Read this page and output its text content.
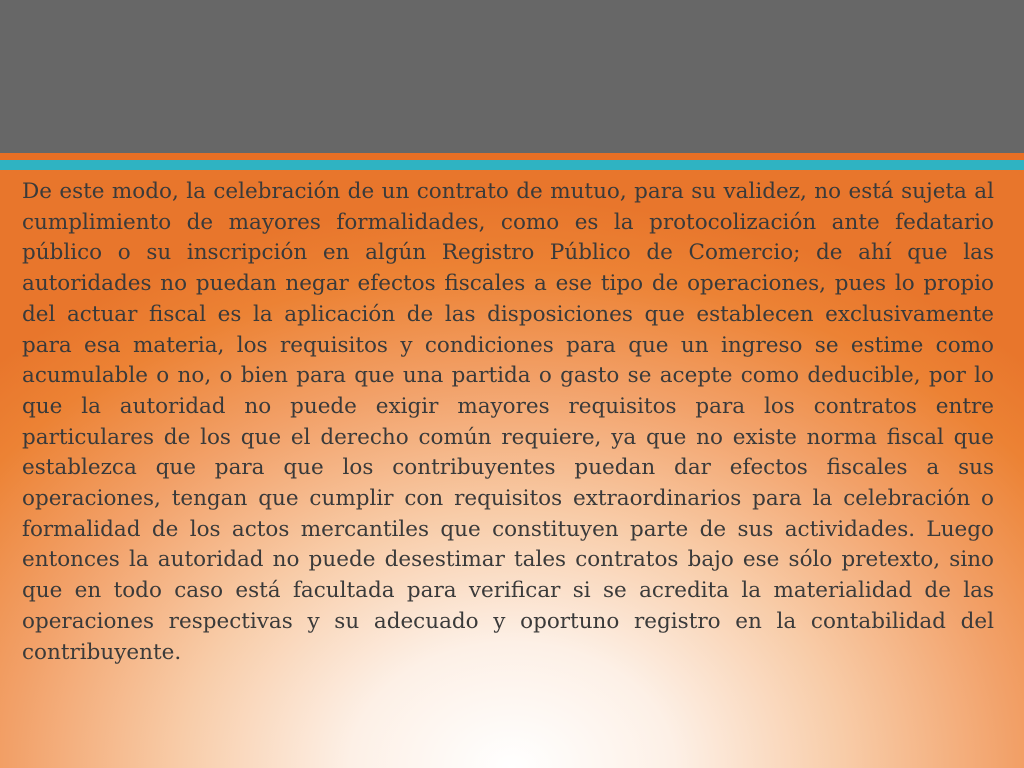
De este modo, la celebración de un contrato de mutuo, para su validez, no está sujeta al cumplimiento de mayores formalidades, como es la protocolización ante fedatario público o su inscripción en algún Registro Público de Comercio; de ahí que las autoridades no puedan negar efectos fiscales a ese tipo de operaciones, pues lo propio del actuar fiscal es la aplicación de las disposiciones que establecen exclusivamente para esa materia, los requisitos y condiciones para que un ingreso se estime como acumulable o no, o bien para que una partida o gasto se acepte como deducible, por lo que la autoridad no puede exigir mayores requisitos para los contratos entre particulares de los que el derecho común requiere, ya que no existe norma fiscal que establezca que para que los contribuyentes puedan dar efectos fiscales a sus operaciones, tengan que cumplir con requisitos extraordinarios para la celebración o formalidad de los actos mercantiles que constituyen parte de sus actividades. Luego entonces la autoridad no puede desestimar tales contratos bajo ese sólo pretexto, sino que en todo caso está facultada para verificar si se acredita la materialidad de las operaciones respectivas y su adecuado y oportuno registro en la contabilidad del contribuyente.
